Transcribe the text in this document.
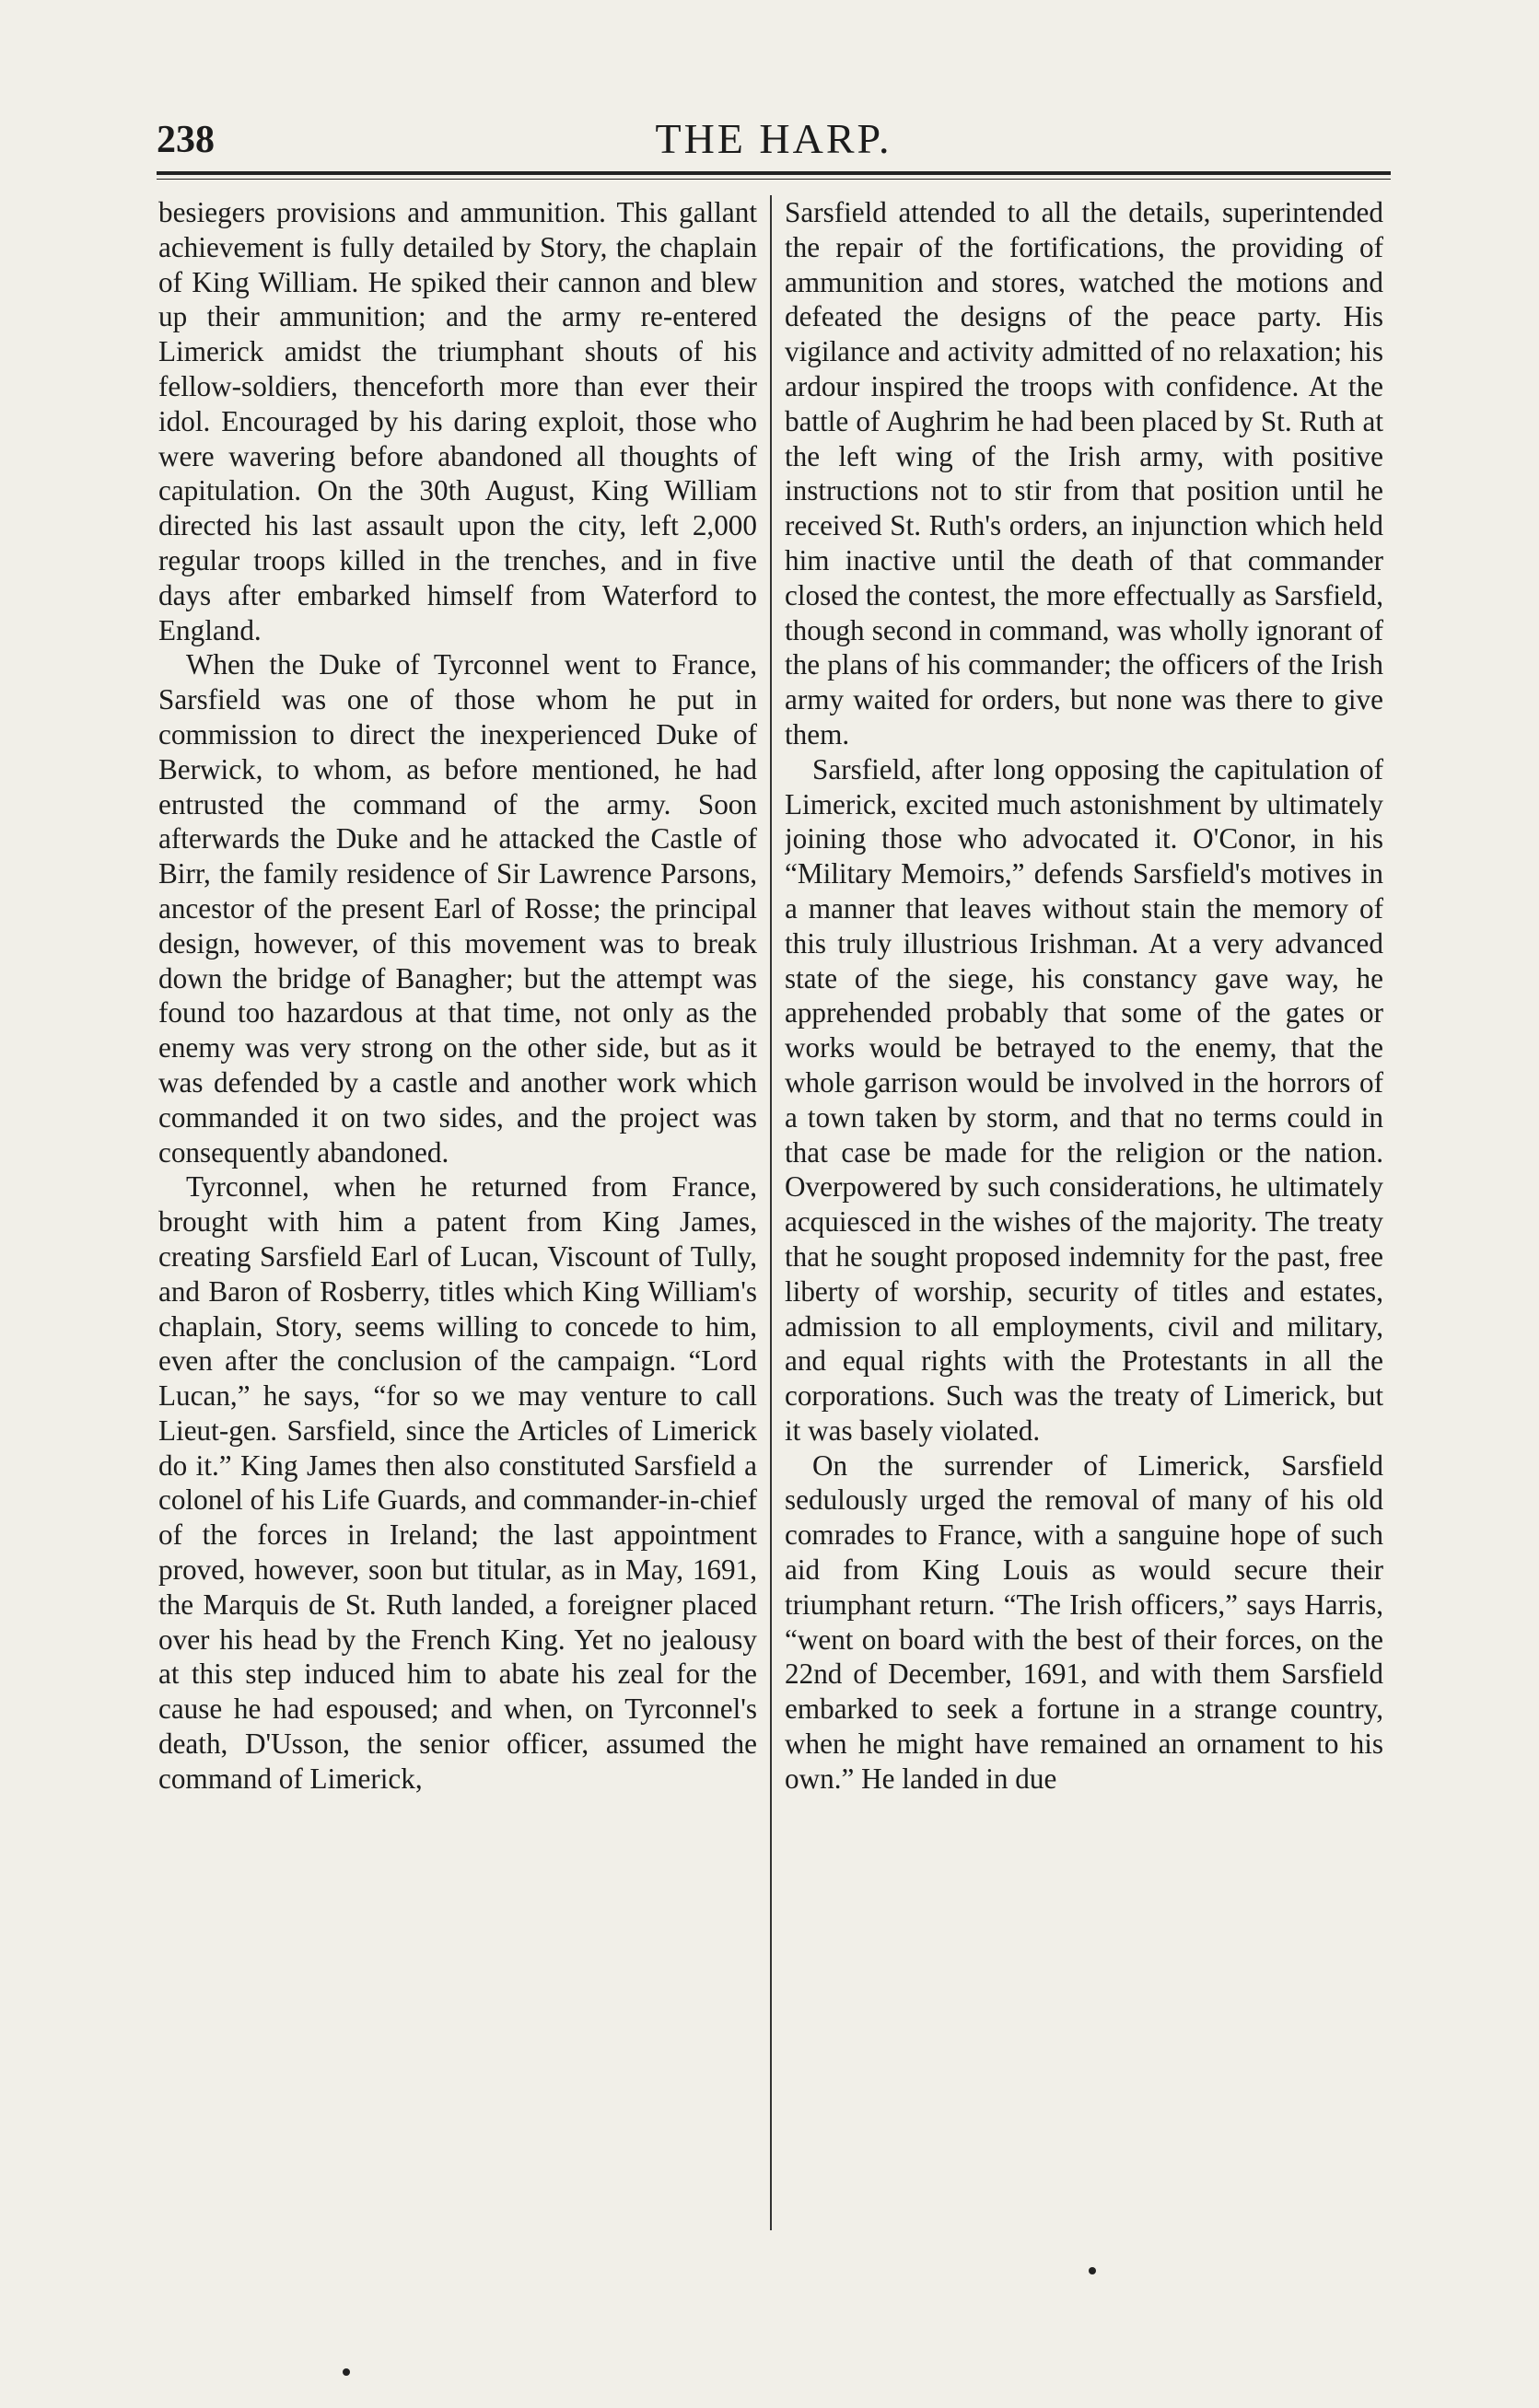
238	THE HARP.

besiegers provisions and ammunition. This gallant achievement is fully detailed by Story, the chaplain of King William. He spiked their cannon and blew up their ammunition; and the army re-entered Limerick amidst the triumphant shouts of his fellow-soldiers, thenceforth more than ever their idol. Encouraged by his daring exploit, those who were wavering before abandoned all thoughts of capitulation. On the 30th August, King William directed his last assault upon the city, left 2,000 regular troops killed in the trenches, and in five days after embarked himself from Waterford to England.

When the Duke of Tyrconnel went to France, Sarsfield was one of those whom he put in commission to direct the inexperienced Duke of Berwick, to whom, as before mentioned, he had entrusted the command of the army. Soon afterwards the Duke and he attacked the Castle of Birr, the family residence of Sir Lawrence Parsons, ancestor of the present Earl of Rosse; the principal design, however, of this movement was to break down the bridge of Banagher; but the attempt was found too hazardous at that time, not only as the enemy was very strong on the other side, but as it was defended by a castle and another work which commanded it on two sides, and the project was consequently abandoned.

Tyrconnel, when he returned from France, brought with him a patent from King James, creating Sarsfield Earl of Lucan, Viscount of Tully, and Baron of Rosberry, titles which King William's chaplain, Story, seems willing to concede to him, even after the conclusion of the campaign. “Lord Lucan,” he says, “for so we may venture to call Lieut-gen. Sarsfield, since the Articles of Limerick do it.” King James then also constituted Sarsfield a colonel of his Life Guards, and commander-in-chief of the forces in Ireland; the last appointment proved, however, soon but titular, as in May, 1691, the Marquis de St. Ruth landed, a foreigner placed over his head by the French King. Yet no jealousy at this step induced him to abate his zeal for the cause he had espoused; and when, on Tyrconnel's death, D'Usson, the senior officer, assumed the command of Limerick,

Sarsfield attended to all the details, superintended the repair of the fortifications, the providing of ammunition and stores, watched the motions and defeated the designs of the peace party. His vigilance and activity admitted of no relaxation; his ardour inspired the troops with confidence. At the battle of Aughrim he had been placed by St. Ruth at the left wing of the Irish army, with positive instructions not to stir from that position until he received St. Ruth's orders, an injunction which held him inactive until the death of that commander closed the contest, the more effectually as Sarsfield, though second in command, was wholly ignorant of the plans of his commander; the officers of the Irish army waited for orders, but none was there to give them.

Sarsfield, after long opposing the capitulation of Limerick, excited much astonishment by ultimately joining those who advocated it. O'Conor, in his “Military Memoirs,” defends Sarsfield's motives in a manner that leaves without stain the memory of this truly illustrious Irishman. At a very advanced state of the siege, his constancy gave way, he apprehended probably that some of the gates or works would be betrayed to the enemy, that the whole garrison would be involved in the horrors of a town taken by storm, and that no terms could in that case be made for the religion or the nation. Overpowered by such considerations, he ultimately acquiesced in the wishes of the majority. The treaty that he sought proposed indemnity for the past, free liberty of worship, security of titles and estates, admission to all employments, civil and military, and equal rights with the Protestants in all the corporations. Such was the treaty of Limerick, but it was basely violated.

On the surrender of Limerick, Sarsfield sedulously urged the removal of many of his old comrades to France, with a sanguine hope of such aid from King Louis as would secure their triumphant return. “The Irish officers,” says Harris, “went on board with the best of their forces, on the 22nd of December, 1691, and with them Sarsfield embarked to seek a fortune in a strange country, when he might have remained an ornament to his own.” He landed in due
